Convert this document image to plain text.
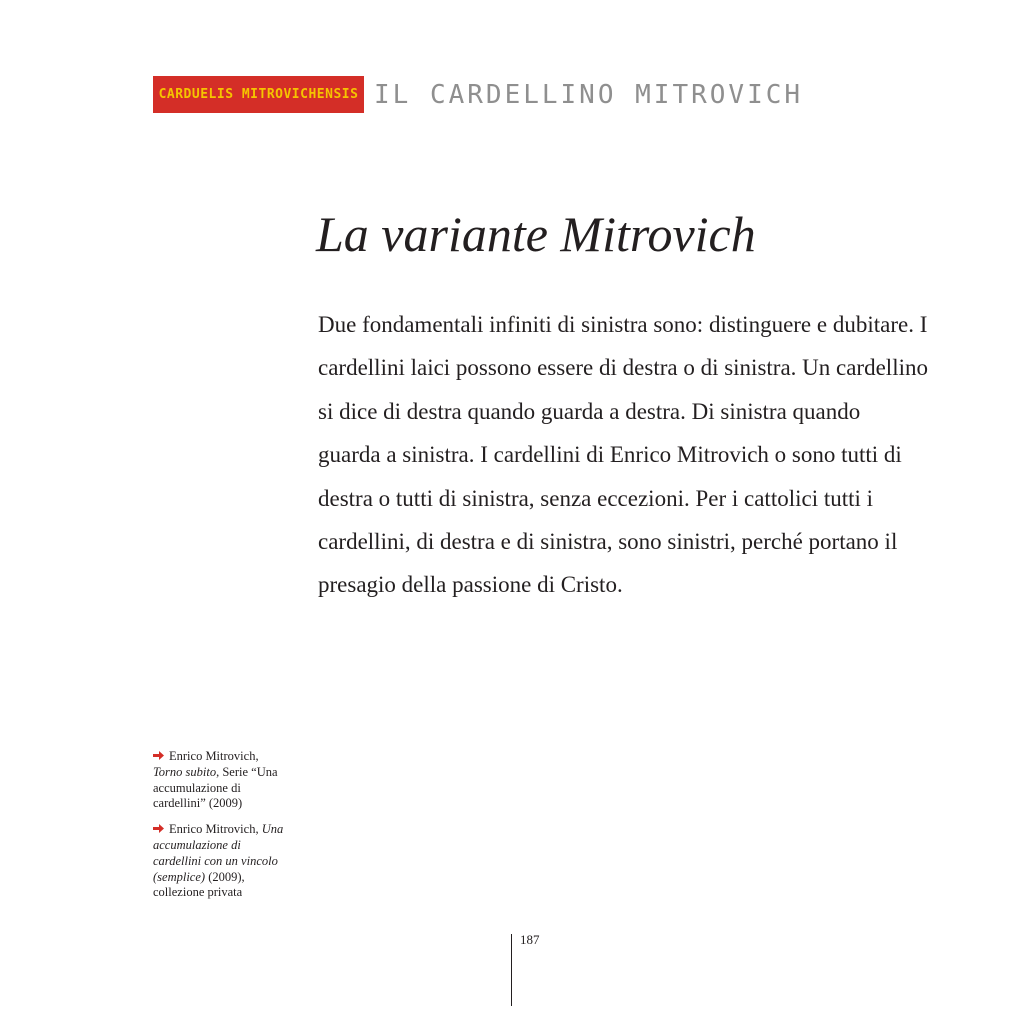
CARDUELIS MITROVICHENSIS IL CARDELLINO MITROVICH
La variante Mitrovich

Due fondamentali infiniti di sinistra sono: distinguere e dubitare. I cardellini laici possono essere di destra o di sinistra. Un cardellino si dice di destra quando guarda a destra. Di sinistra quando guarda a sinistra. I cardellini di Enrico Mitrovich o sono tutti di destra o tutti di sinistra, senza eccezioni. Per i cattolici tutti i cardellini, di destra e di sinistra, sono sinistri, perché portano il presagio della passione di Cristo.

Enrico Mitrovich, Torno subito, Serie “Una accumulazione di cardellini” (2009)

Enrico Mitrovich, Una accumulazione di cardellini con un vincolo (semplice) (2009), collezione privata

187
